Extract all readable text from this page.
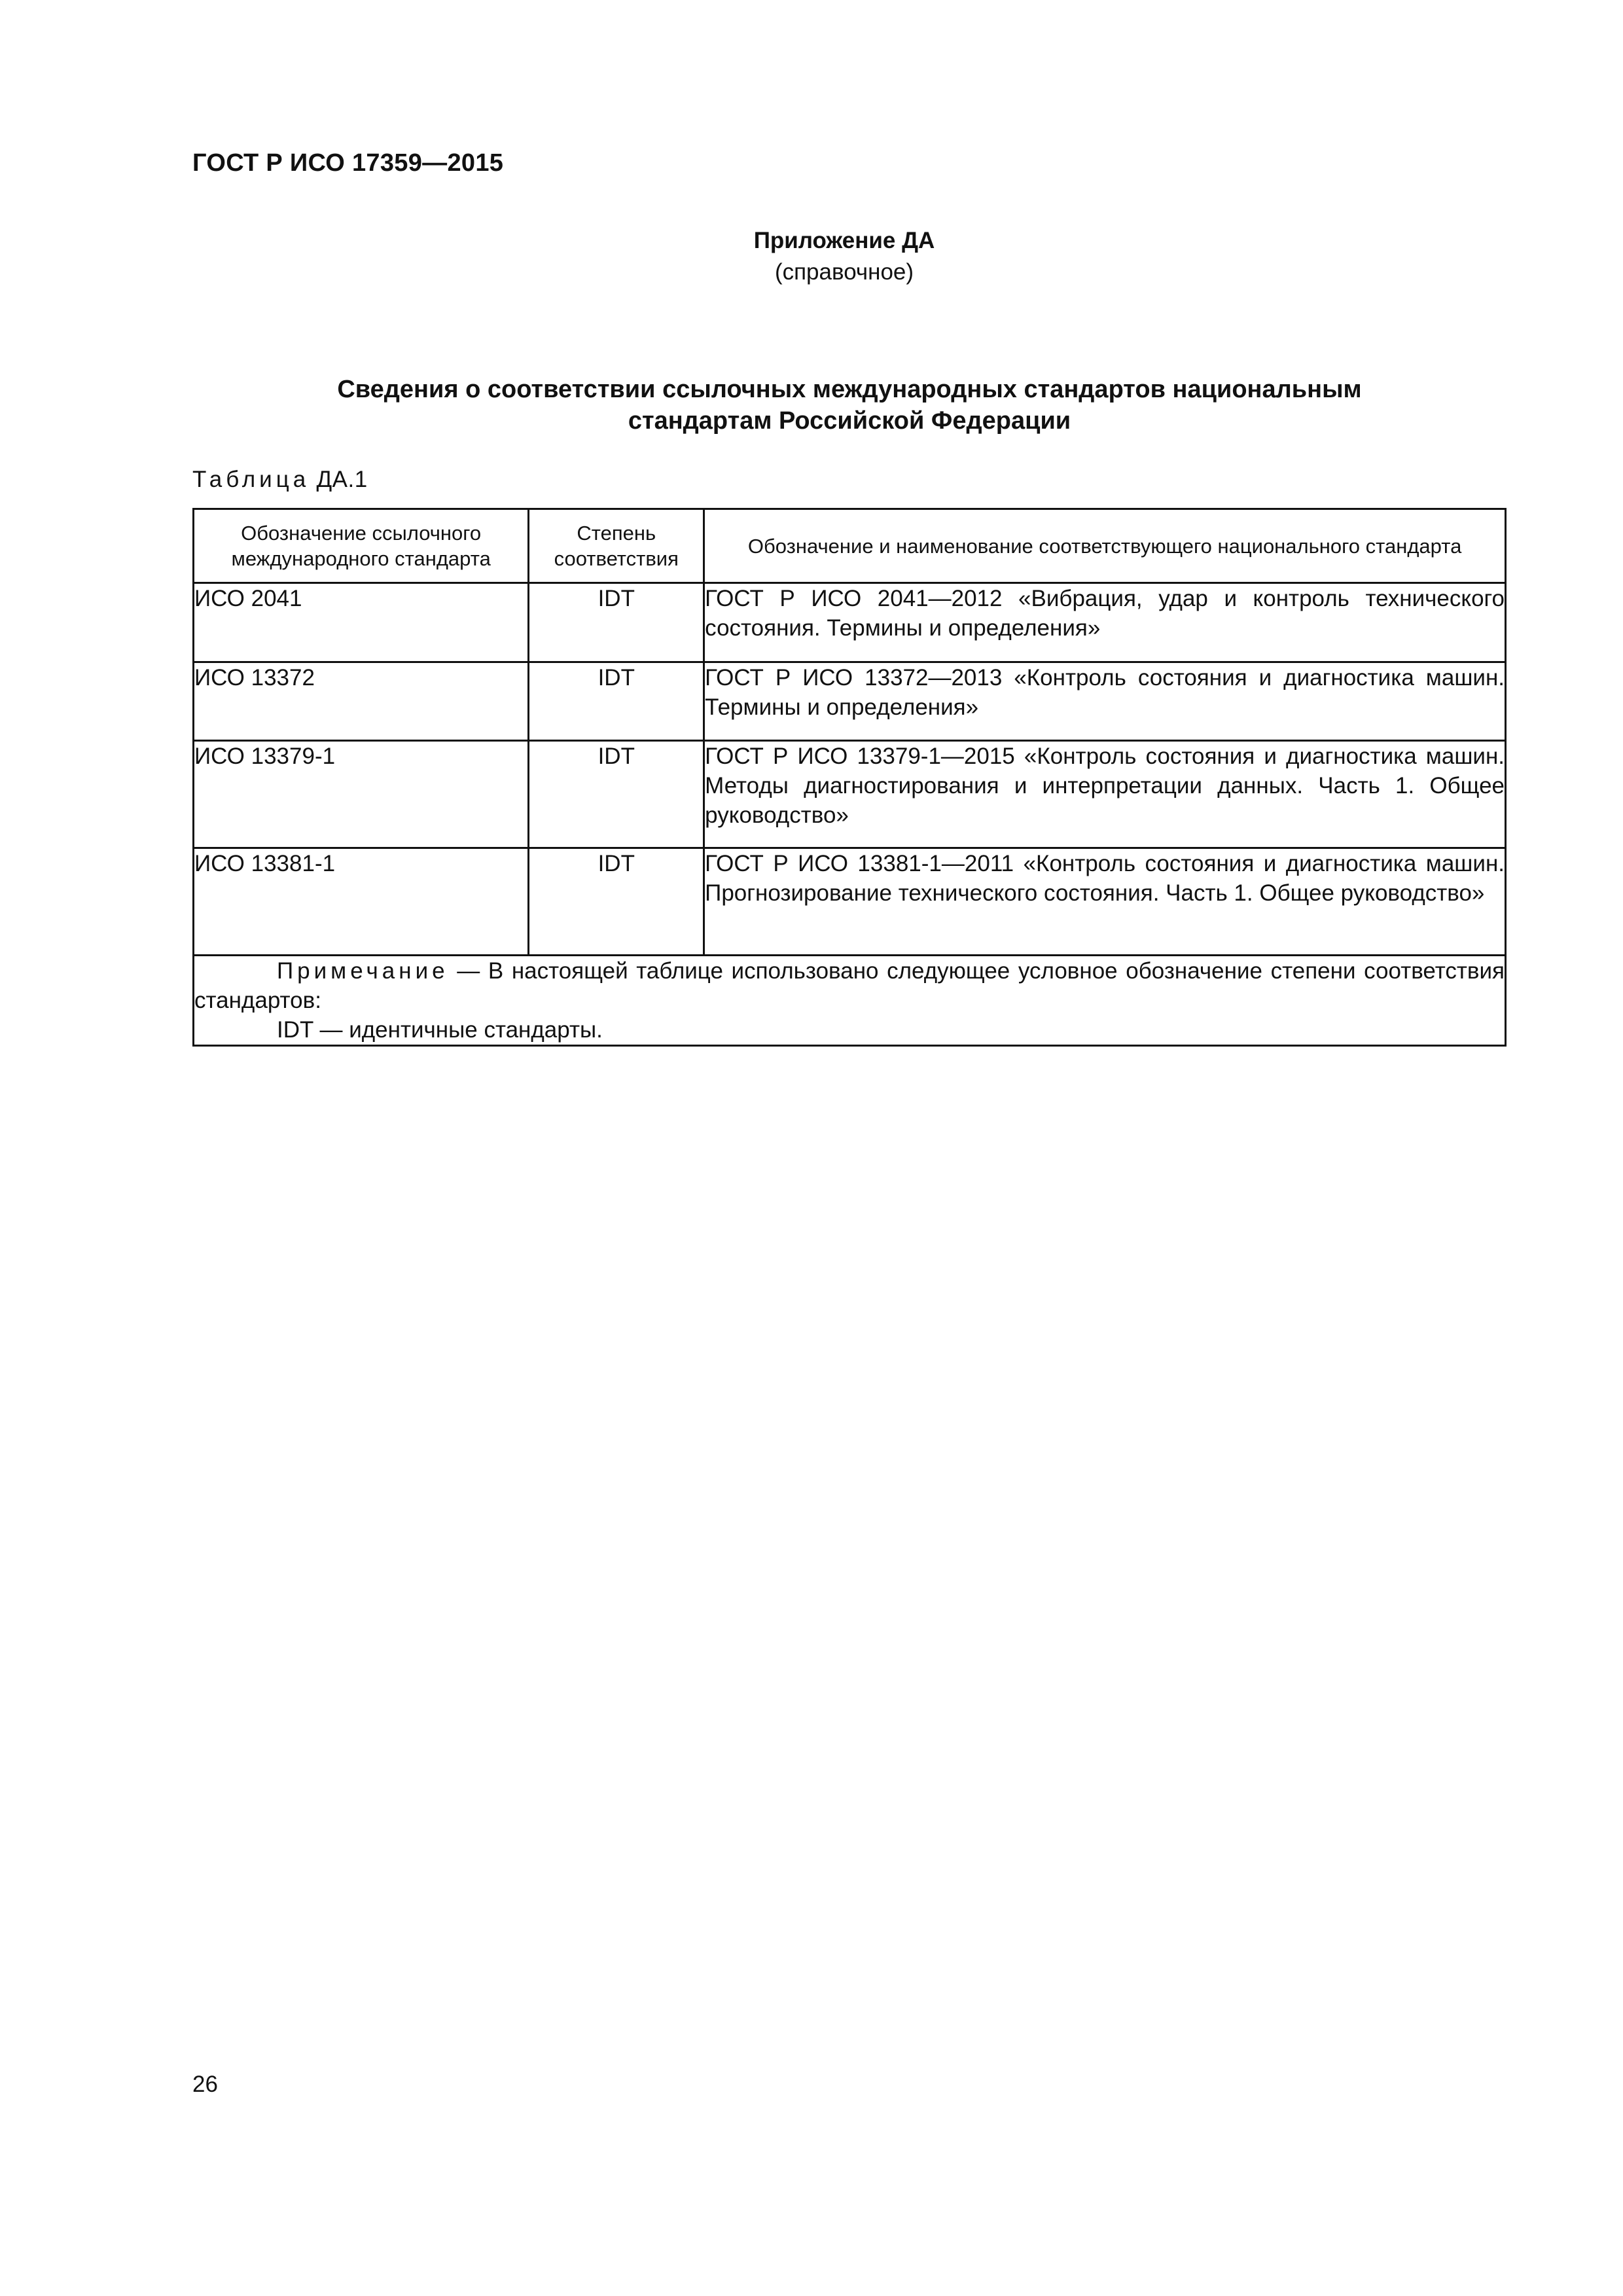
ГОСТ Р ИСО 17359—2015
Приложение ДА
(справочное)
Сведения о соответствии ссылочных международных стандартов национальным
стандартам Российской Федерации
Таблица ДА.1
Обозначение ссылочного международного стандарта	Степень соответствия	Обозначение и наименование соответствующего национального стандарта
ИСО 2041	IDT	ГОСТ Р ИСО 2041—2012 «Вибрация, удар и контроль технического состояния. Термины и определения»
ИСО 13372	IDT	ГОСТ Р ИСО 13372—2013 «Контроль состояния и диагностика машин. Термины и определения»
ИСО 13379-1	IDT	ГОСТ Р ИСО 13379-1—2015 «Контроль состояния и диагностика машин. Методы диагностирования и интерпретации данных. Часть 1. Общее руководство»
ИСО 13381-1	IDT	ГОСТ Р ИСО 13381-1—2011 «Контроль состояния и диагностика машин. Прогнозирование технического состояния. Часть 1. Общее руководство»

Примечание — В настоящей таблице использовано следующее условное обозначение степени соответствия стандартов:
IDT — идентичные стандарты.		
26
